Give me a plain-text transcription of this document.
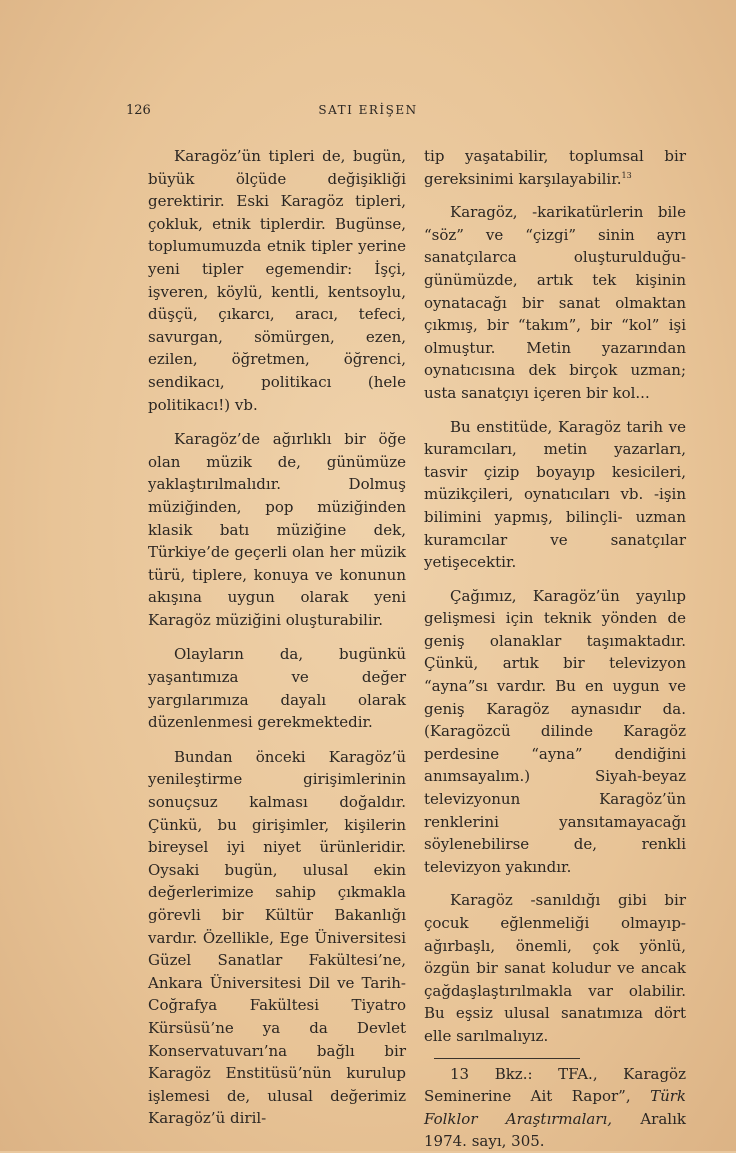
126	SATI ERİŞEN

Karagöz’ün tipleri de, bugün, büyük ölçüde değişikliği gerektirir. Eski Karagöz tipleri, çokluk, etnik tiplerdir. Bugünse, toplumumuzda etnik tipler yerine yeni tipler egemendir: İşçi, işveren, köylü, kentli, kentsoylu, düşçü, çıkarcı, aracı, tefeci, savurgan, sömürgen, ezen, ezilen, öğretmen, öğrenci, sendikacı, politikacı (hele politikacı!) vb.

Karagöz’de ağırlıklı bir öğe olan müzik de, günümüze yaklaştırılmalıdır. Dolmuş müziğinden, pop müziğinden klasik batı müziğine dek, Türkiye’de geçerli olan her müzik türü, tiplere, konuya ve konunun akışına uygun olarak yeni Karagöz müziğini oluşturabilir.

Olayların da, bugünkü yaşantımıza ve değer yargılarımıza dayalı olarak düzenlenmesi gerekmektedir.

Bundan önceki Karagöz’ü yenileştirme girişimlerinin sonuçsuz kalması doğaldır. Çünkü, bu girişimler, kişilerin bireysel iyi niyet ürünleridir. Oysaki bugün, ulusal ekin değerlerimize sahip çıkmakla görevli bir Kültür Bakanlığı vardır. Özellikle, Ege Üniversitesi Güzel Sanatlar Fakültesi’ne, Ankara Üniversitesi Dil ve Tarih-Coğrafya Fakültesi Tiyatro Kürsüsü’ne ya da Devlet Konservatuvarı’na bağlı bir Karagöz Enstitüsü’nün kurulup işlemesi de, ulusal değerimiz Karagöz’ü diril-

tip yaşatabilir, toplumsal bir gereksinimi karşılayabilir.$^{13}$

Karagöz, -karikatürlerin bile “söz” ve “çizgi” sinin ayrı sanatçılarca oluşturulduğu- günümüzde, artık tek kişinin oynatacağı bir sanat olmaktan çıkmış, bir “takım”, bir “kol” işi olmuştur. Metin yazarından oynatıcısına dek birçok uzman; usta sanatçıyı içeren bir kol...

Bu enstitüde, Karagöz tarih ve kuramcıları, metin yazarları, tasvir çizip boyayıp kesicileri, müzikçileri, oynatıcıları vb. -işin bilimini yapmış, bilinçli- uzman kuramcılar ve sanatçılar yetişecektir.

Çağımız, Karagöz’ün yayılıp gelişmesi için teknik yönden de geniş olanaklar taşımaktadır. Çünkü, artık bir televizyon “ayna”sı vardır. Bu en uygun ve geniş Karagöz aynasıdır da. (Karagözcü dilinde Karagöz perdesine “ayna” dendiğini anımsayalım.) Siyah-beyaz televizyonun Karagöz’ün renklerini yansıtamayacağı söylenebilirse de, renkli televizyon yakındır.

Karagöz -sanıldığı gibi bir çocuk eğlenmeliği olmayıp- ağırbaşlı, önemli, çok yönlü, özgün bir sanat koludur ve ancak çağdaşlaştırılmakla var olabilir. Bu eşsiz ulusal sanatımıza dört elle sarılmalıyız.

13 Bkz.: TFA., Karagöz Seminerine Ait Rapor”, Türk Folklor Araştırmaları, Aralık 1974. sayı, 305.
